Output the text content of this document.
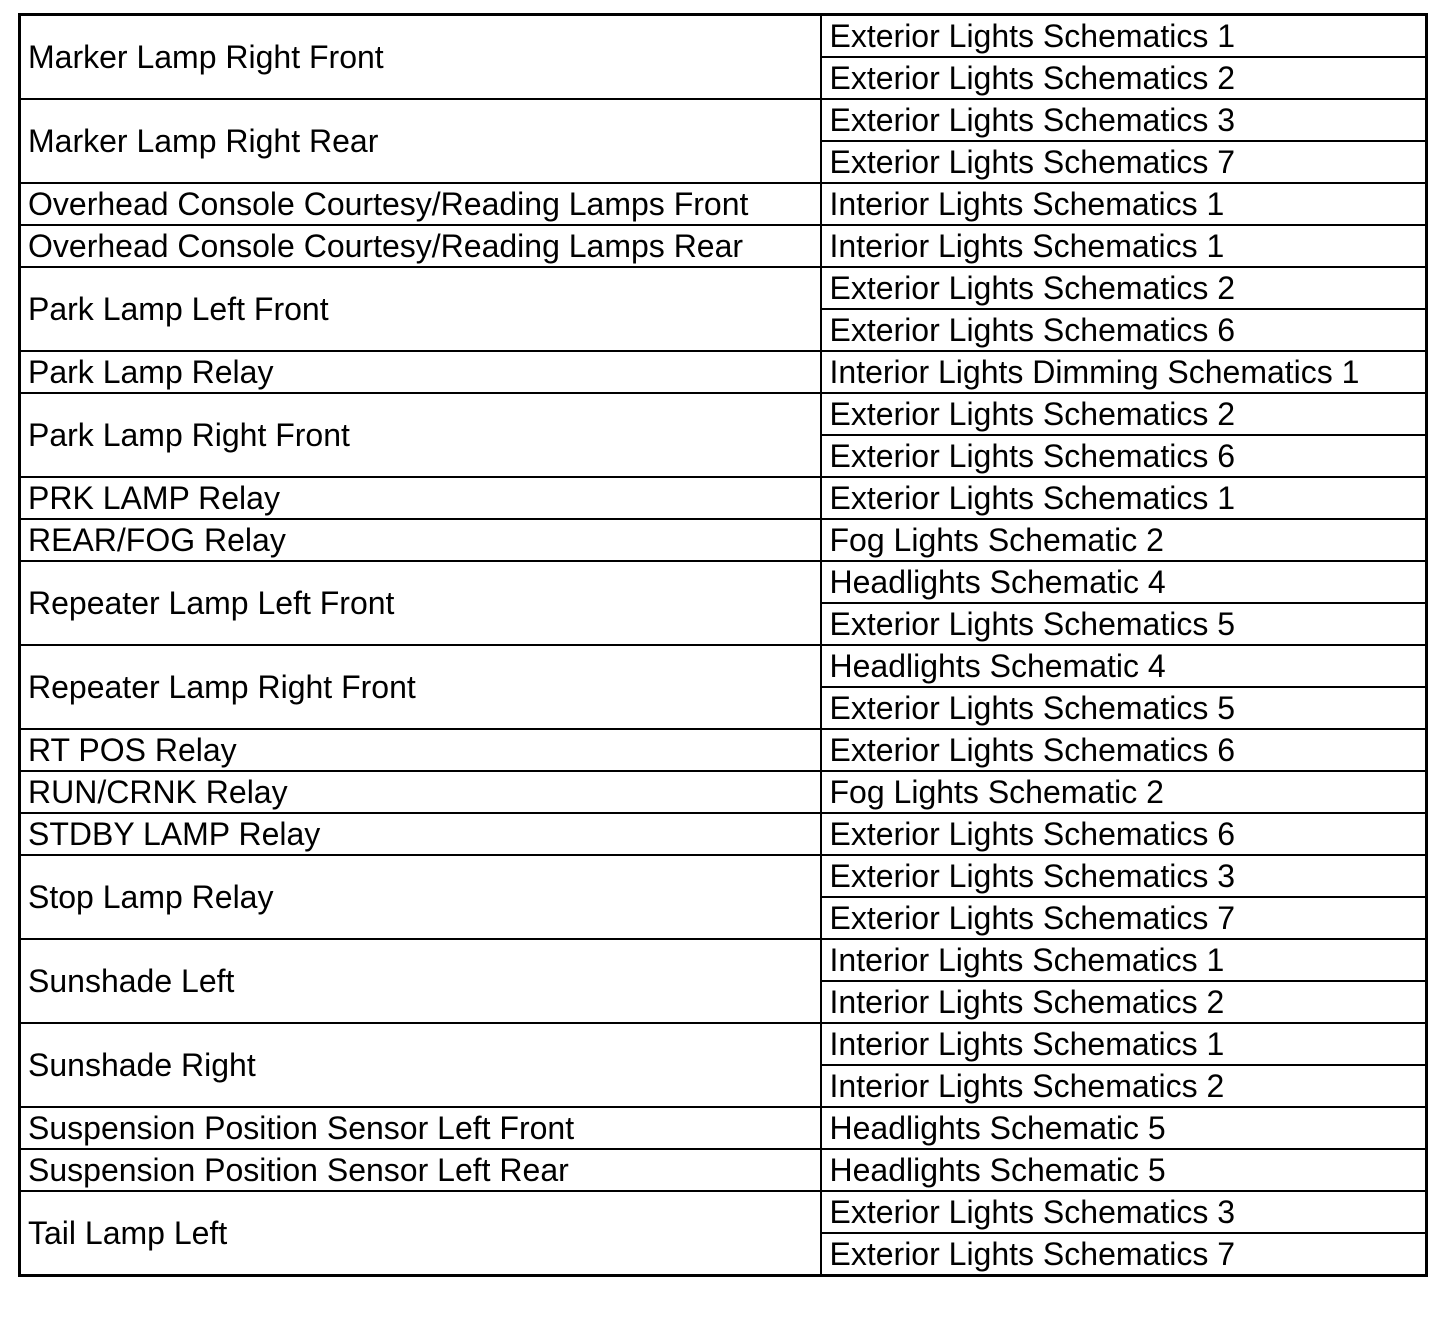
Marker Lamp Right Front	Exterior Lights Schematics 1
	Exterior Lights Schematics 2
Marker Lamp Right Rear	Exterior Lights Schematics 3
	Exterior Lights Schematics 7
Overhead Console Courtesy/Reading Lamps Front	Interior Lights Schematics 1
Overhead Console Courtesy/Reading Lamps Rear	Interior Lights Schematics 1
Park Lamp Left Front	Exterior Lights Schematics 2
	Exterior Lights Schematics 6
Park Lamp Relay	Interior Lights Dimming Schematics 1
Park Lamp Right Front	Exterior Lights Schematics 2
	Exterior Lights Schematics 6
PRK LAMP Relay	Exterior Lights Schematics 1
REAR/FOG Relay	Fog Lights Schematic 2
Repeater Lamp Left Front	Headlights Schematic 4
	Exterior Lights Schematics 5
Repeater Lamp Right Front	Headlights Schematic 4
	Exterior Lights Schematics 5
RT POS Relay	Exterior Lights Schematics 6
RUN/CRNK Relay	Fog Lights Schematic 2
STDBY LAMP Relay	Exterior Lights Schematics 6
Stop Lamp Relay	Exterior Lights Schematics 3
	Exterior Lights Schematics 7
Sunshade Left	Interior Lights Schematics 1
	Interior Lights Schematics 2
Sunshade Right	Interior Lights Schematics 1
	Interior Lights Schematics 2
Suspension Position Sensor Left Front	Headlights Schematic 5
Suspension Position Sensor Left Rear	Headlights Schematic 5
Tail Lamp Left	Exterior Lights Schematics 3
	Exterior Lights Schematics 7
